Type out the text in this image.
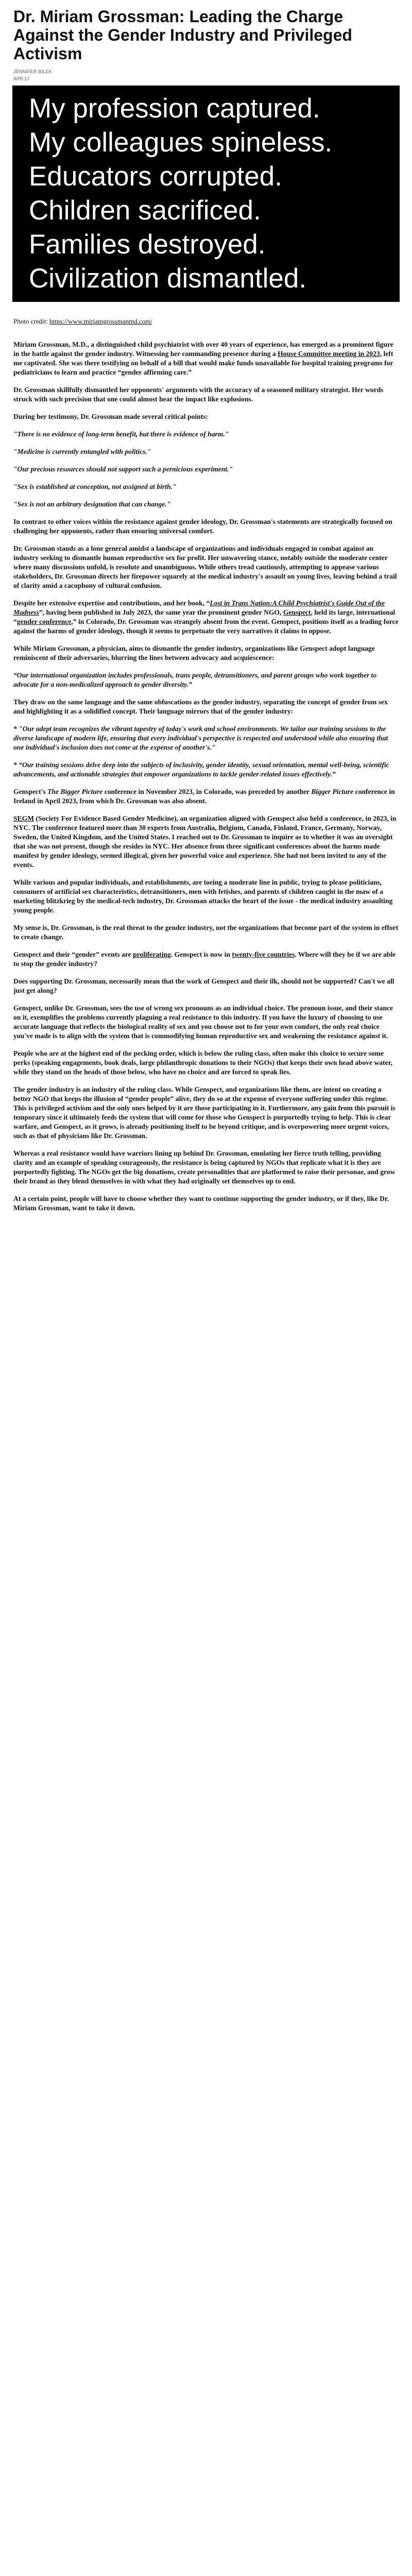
Dr. Miriam Grossman: Leading the Charge Against the Gender Industry and Privileged Activism
JENNIFER BILEK
APR 17
My profession captured.
My colleagues spineless.
Educators corrupted.
Children sacrificed.
Families destroyed.
Civilization dismantled.
Photo credit: https://www.miriamgrossmanmd.com/

Miriam Grossman, M.D., a distinguished child psychiatrist with over 40 years of experience, has emerged as a prominent figure in the battle against the gender industry. Witnessing her commanding presence during a House Committee meeting in 2023, left me captivated. She was there testifying on behalf of a bill that would make funds unavailable for hospital training programs for pediatricians to learn and practice “gender affirming care.”

Dr. Grossman skillfully dismantled her opponents' arguments with the accuracy of a seasoned military strategist. Her words struck with such precision that one could almost hear the impact like explosions.

During her testimony, Dr. Grossman made several critical points:

"There is no evidence of long-term benefit, but there is evidence of harm."

"Medicine is currently entangled with politics."

"Our precious resources should not support such a pernicious experiment."

"Sex is established at conception, not assigned at birth."

"Sex is not an arbitrary designation that can change."

In contrast to other voices within the resistance against gender ideology, Dr. Grossman's statements are strategically focused on challenging her opponents, rather than ensuring universal comfort.

Dr. Grossman stands as a lone general amidst a landscape of organizations and individuals engaged in combat against an industry seeking to dismantle human reproductive sex for profit. Her unwavering stance, notably outside the moderate center where many discussions unfold, is resolute and unambiguous. While others tread cautiously, attempting to appease various stakeholders, Dr. Grossman directs her firepower squarely at the medical industry's assault on young lives, leaving behind a trail of clarity amid a cacophony of cultural confusion.

Despite her extensive expertise and contributions, and her book, “Lost in Trans Nation:A Child Psychiatrist's Guide Out of the Madness”, having been published in July 2023, the same year the prominent gender NGO, Genspect, held its large, international “gender conference,” in Colorado, Dr. Grossman was strangely absent from the event. Genspect, positions itself as a leading force against the harms of gender ideology, though it seems to perpetuate the very narratives it claims to oppose.

While Miriam Grossman, a physician, aims to dismantle the gender industry, organizations like Genspect adopt language reminiscent of their adversaries, blurring the lines between advocacy and acquiescence:

“Our international organization includes professionals, trans people, detransitioners, and parent groups who work together to advocate for a non-medicalized approach to gender diversity.”

They draw on the same language and the same obfuscations as the gender industry, separating the concept of gender from sex and highlighting it as a solidified concept. Their language mirrors that of the gender industry:

* "Our adept team recognizes the vibrant tapestry of today's work and school environments. We tailor our training sessions to the diverse landscape of modern life, ensuring that every individual's perspective is respected and understood while also ensuring that one individual's inclusion does not come at the expense of another's."

* “Our training sessions delve deep into the subjects of inclusivity, gender identity, sexual orientation, mental well-being, scientific advancements, and actionable strategies that empower organizations to tackle gender-related issues effectively.”

Genspect's The Bigger Picture conference in November 2023, in Colorado, was preceded by another Bigger Picture conference in Ireland in April 2023, from which Dr. Grossman was also absent.

SEGM (Society For Evidence Based Gender Medicine), an organization aligned with Genspect also held a conference, in 2023, in NYC. The conference featured more than 30 experts from Australia, Belgium, Canada, Finland, France, Germany, Norway, Sweden, the United Kingdom, and the United States. I reached out to Dr. Grossman to inquire as to whether it was an oversight that she was not present, though she resides in NYC. Her absence from three significant conferences about the harms made manifest by gender ideology, seemed illogical, given her powerful voice and experience. She had not been invited to any of the events.

While various and popular individuals, and establishments, are toeing a moderate line in public, trying to please politicians, consumers of artificial sex characteristics, detransitioners, men with fetishes, and parents of children caught in the maw of a marketing blitzkrieg by the medical-tech industry, Dr. Grossman attacks the heart of the issue - the medical industry assaulting young people.

My sense is, Dr. Grossman, is the real threat to the gender industry, not the organizations that become part of the system in effort to create change.

Genspect and their “gender” events are proliferating. Genspect is now in twenty-five countries. Where will they be if we are able to stop the gender industry?

Does supporting Dr. Grossman, necessarily mean that the work of Genspect and their ilk, should not be supported? Can't we all just get along?

Genspect, unlike Dr. Grossman, sees the use of wrong sex pronouns as an individual choice. The pronoun issue, and their stance on it, exemplifies the problems currently plaguing a real resistance to this industry. If you have the luxury of choosing to use accurate language that reflects the biological reality of sex and you choose not to for your own comfort, the only real choice you've made is to align with the system that is commodifying human reproductive sex and weakening the resistance against it.

People who are at the highest end of the pecking order, which is below the ruling class, often make this choice to secure some perks (speaking engagements, book deals, large philanthropic donations to their NGOs) that keeps their own head above water, while they stand on the heads of those below, who have no choice and are forced to speak lies.

The gender industry is an industry of the ruling class. While Genspect, and organizations like them, are intent on creating a better NGO that keeps the illusion of “gender people” alive, they do so at the expense of everyone suffering under this regime. This is privileged activism and the only ones helped by it are those participating in it. Furthermore, any gain from this pursuit is temporary since it ultimately feeds the system that will come for those who Genspect is purportedly trying to help. This is clear warfare, and Genspect, as it grows, is already positioning itself to be beyond critique, and is overpowering more urgent voices, such as that of physicians like Dr. Grossman.

Whereas a real resistance would have warriors lining up behind Dr. Grossman, emulating her fierce truth telling, providing clarity and an example of speaking courageously, the resistance is being captured by NGOs that replicate what it is they are purportedly fighting. The NGOs get the big donations, create personalities that are platformed to raise their personae, and grow their brand as they blend themselves in with what they had originally set themselves up to end.

At a certain point, people will have to choose whether they want to continue supporting the gender industry, or if they, like Dr. Miriam Grossman, want to take it down.
